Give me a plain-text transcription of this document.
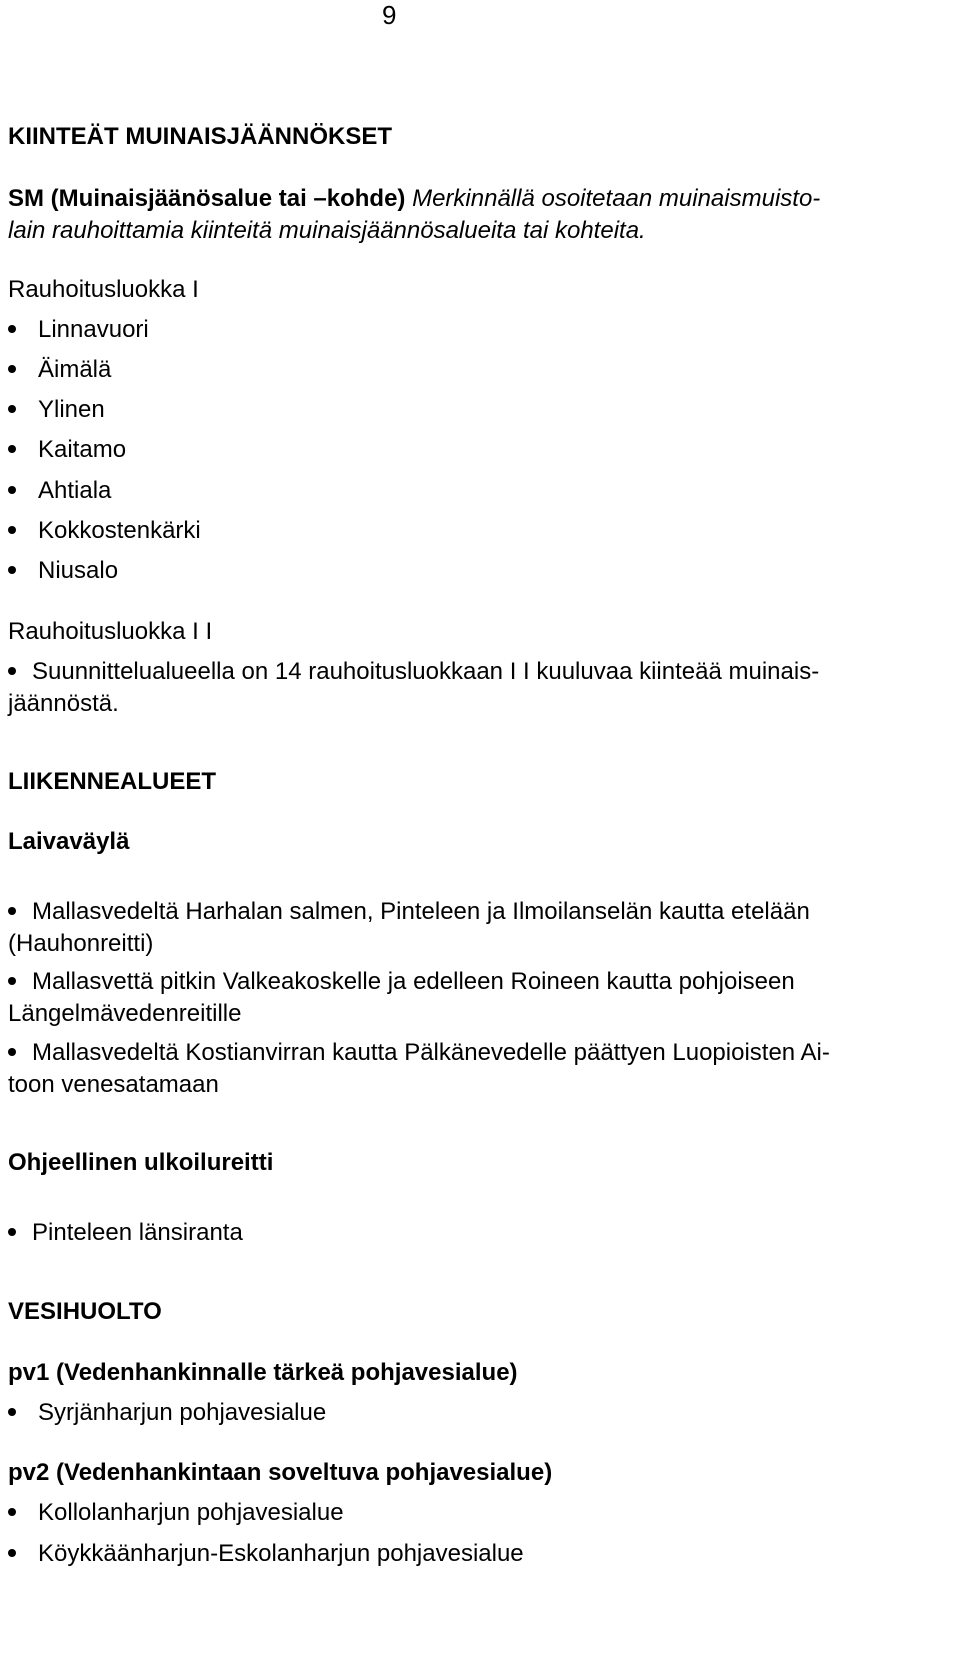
9
KIINTEÄT MUINAISJÄÄNNÖKSET
SM (Muinaisjäänösalue tai –kohde) Merkinnällä osoitetaan muinaismuisto-
lain rauhoittamia kiinteitä muinaisjäännösalueita tai kohteita.
Rauhoitusluokka I
Linnavuori
Äimälä
Ylinen
Kaitamo
Ahtiala
Kokkostenkärki
Niusalo
Rauhoitusluokka I I
Suunnittelualueella on 14 rauhoitusluokkaan I I kuuluvaa kiinteää muinais-
jäännöstä.
LIIKENNEALUEET
Laivaväylä
Mallasvedeltä Harhalan salmen, Pinteleen ja Ilmoilanselän kautta etelään
(Hauhonreitti)
Mallasvettä pitkin Valkeakoskelle ja edelleen Roineen kautta pohjoiseen
Längelmävedenreitille
Mallasvedeltä Kostianvirran kautta Pälkänevedelle päättyen Luopioisten Ai-
toon venesatamaan
Ohjeellinen ulkoilureitti
Pinteleen länsiranta
VESIHUOLTO
pv1 (Vedenhankinnalle tärkeä pohjavesialue)
Syrjänharjun pohjavesialue
pv2 (Vedenhankintaan soveltuva pohjavesialue)
Kollolanharjun pohjavesialue
Köykkäänharjun-Eskolanharjun pohjavesialue
